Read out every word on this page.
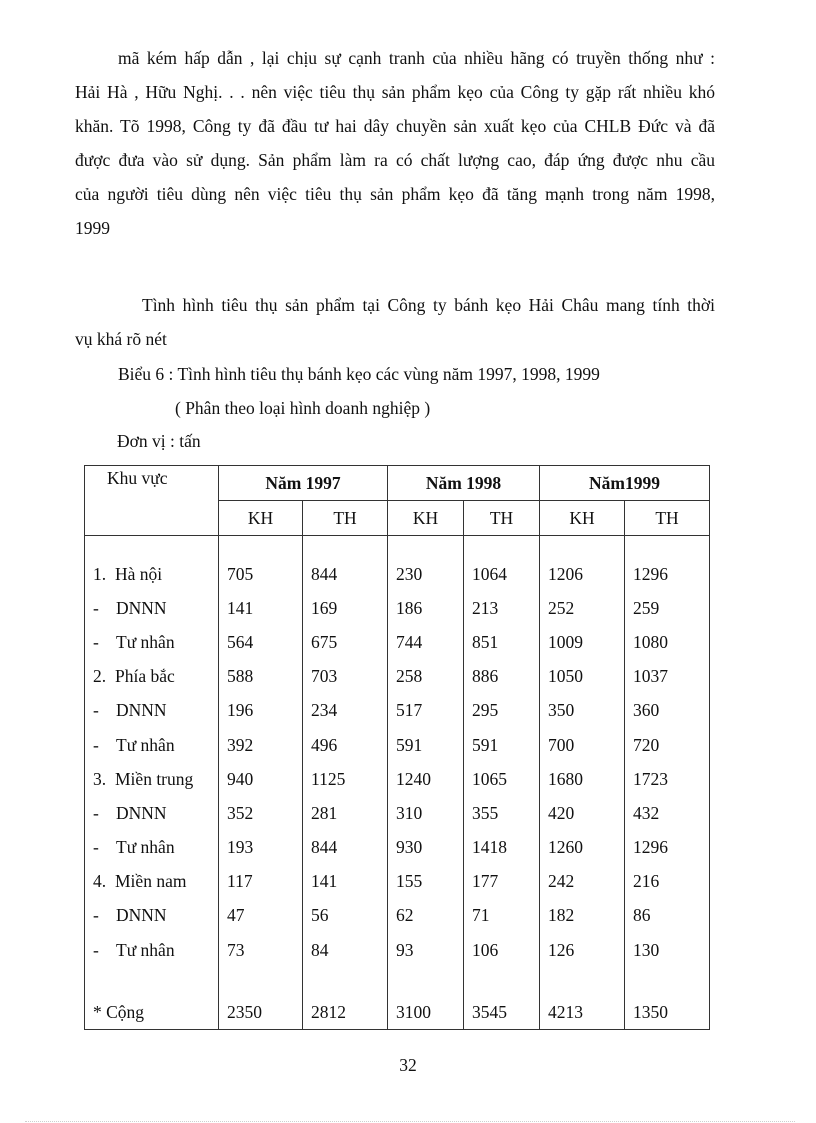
mã kém hấp dẫn , lại chịu sự cạnh tranh của nhiều hãng có truyền thống như :
Hải Hà , Hữu Nghị. . . nên việc tiêu thụ sản phẩm kẹo của Công ty gặp rất nhiều khó
khăn. Tõ 1998, Công ty đã đầu tư hai dây chuyền sản xuất kẹo của CHLB Đức và đã
được đưa vào sử dụng. Sản phẩm làm ra có chất lượng cao, đáp ứng được nhu cầu
của người tiêu dùng nên việc tiêu thụ sản phẩm kẹo đã tăng mạnh trong năm 1998,
1999
Tình hình tiêu thụ sản phẩm tại Công ty bánh kẹo Hải Châu mang tính thời
vụ khá rõ nét

Biểu 6 : Tình hình tiêu thụ bánh kẹo các vùng năm 1997, 1998, 1999

( Phân theo loại hình doanh nghiệp )

Đơn vị : tấn

Khu vực	Năm 1997		Năm 1998		Năm1999	
	KH	TH	KH	TH	KH	TH

1. Hà nội	705	844	230	1064	1206	1296
- DNNN	141	169	186	213	252	259
- Tư nhân	564	675	744	851	1009	1080
2. Phía bắc	588	703	258	886	1050	1037
- DNNN	196	234	517	295	350	360
- Tư nhân	392	496	591	591	700	720
3. Miền trung	940	1125	1240	1065	1680	1723
- DNNN	352	281	310	355	420	432
- Tư nhân	193	844	930	1418	1260	1296
4. Miền nam	117	141	155	177	242	216
- DNNN	47	56	62	71	182	86
- Tư nhân	73	84	93	106	126	130

* Cộng	2350	2812	3100	3545	4213	1350
32
